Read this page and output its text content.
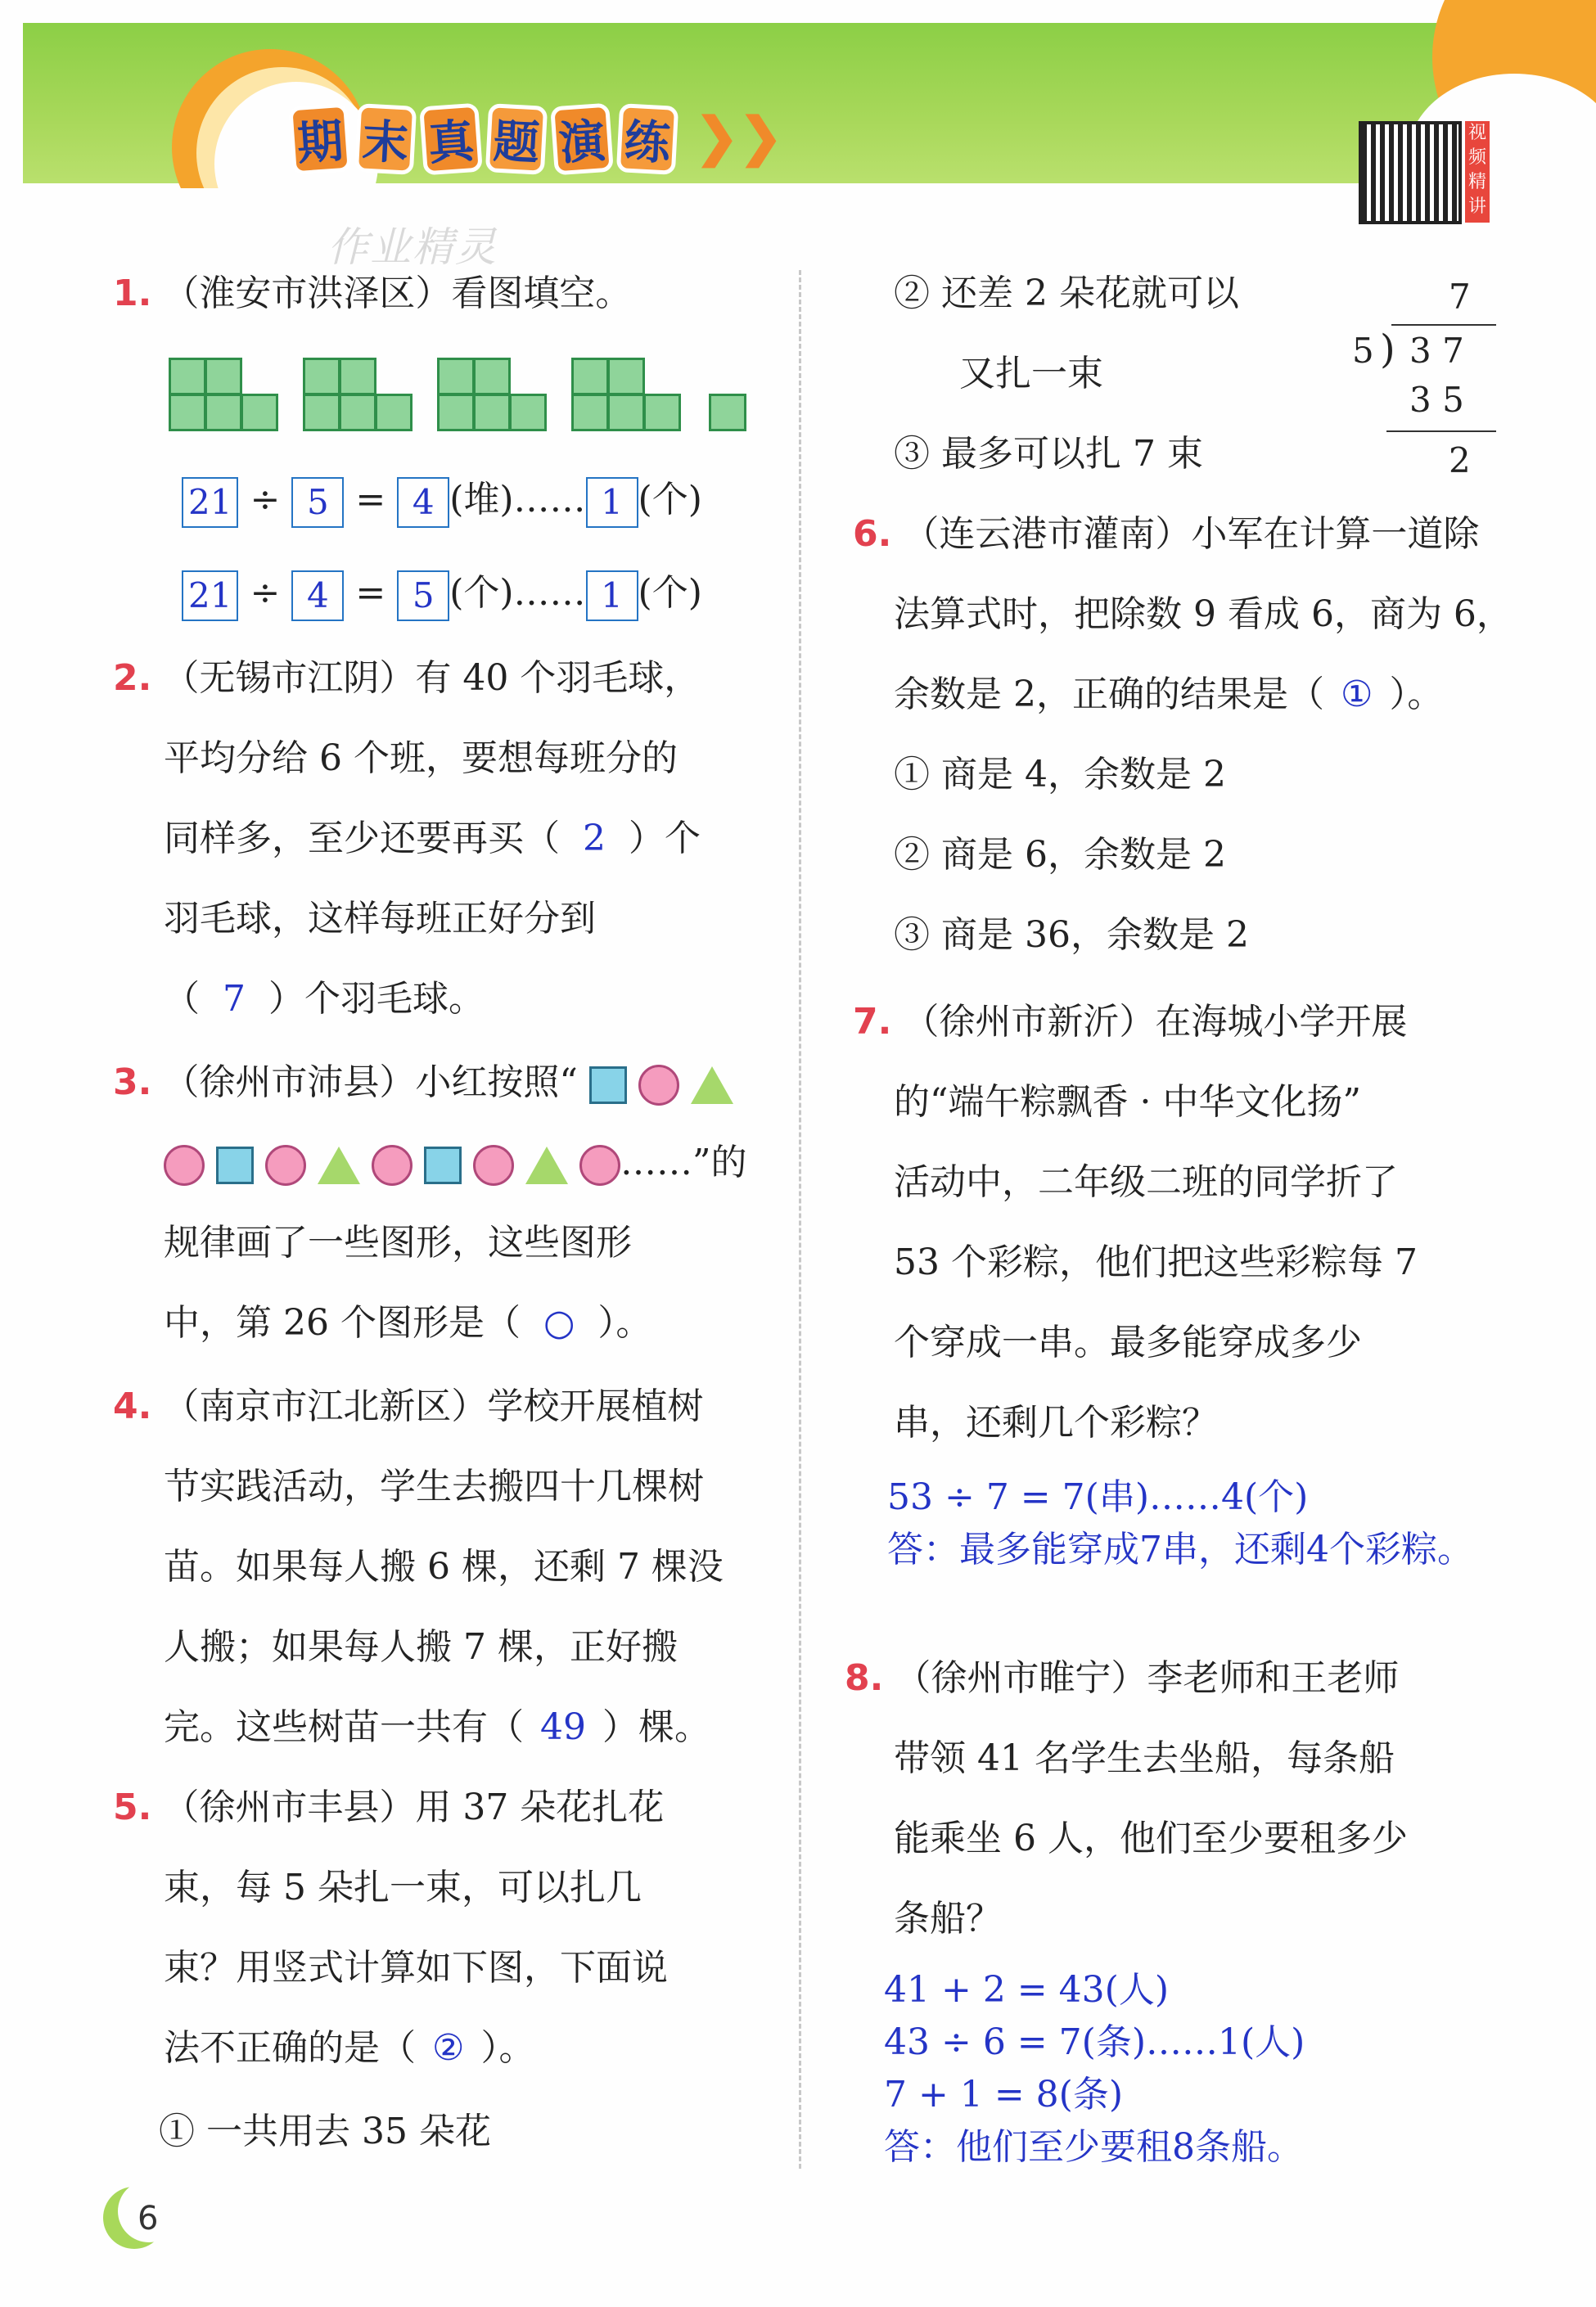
期 末 真 题 演 练 ❯❯	视频精讲
作业精灵
1. （淮安市洪泽区）看图填空。
21 ÷ 5 = 4 (堆)…… 1 (个)
21 ÷ 4 = 5 (个)…… 1 (个)
2. （无锡市江阴）有 40 个羽毛球，
平均分给 6 个班，要想每班分的
同样多，至少还要再买（ 2 ）个
羽毛球，这样每班正好分到
（ 7 ）个羽毛球。
3. （徐州市沛县）小红按照“
……”的
规律画了一些图形，这些图形
中，第 26 个图形是（ ○ ）。
4. （南京市江北新区）学校开展植树
节实践活动，学生去搬四十几棵树
苗。如果每人搬 6 棵，还剩 7 棵没
人搬；如果每人搬 7 棵，正好搬
完。这些树苗一共有（ 49 ）棵。
5. （徐州市丰县）用 37 朵花扎花
束，每 5 朵扎一束，可以扎几
束？用竖式计算如下图，下面说
法不正确的是（ ② ）。
① 一共用去 35 朵花
② 还差 2 朵花就可以
又扎一束
③ 最多可以扎 7 束
7
5 ) 3 7
3 5
2
6. （连云港市灌南）小军在计算一道除
法算式时，把除数 9 看成 6，商为 6，
余数是 2，正确的结果是（ ① ）。
① 商是 4，余数是 2
② 商是 6，余数是 2
③ 商是 36，余数是 2
7. （徐州市新沂）在海城小学开展
的“端午粽飘香 · 中华文化扬”
活动中，二年级二班的同学折了
53 个彩粽，他们把这些彩粽每 7
个穿成一串。最多能穿成多少
串，还剩几个彩粽？
53 ÷ 7 = 7(串)……4(个)
答：最多能穿成7串，还剩4个彩粽。
8. （徐州市睢宁）李老师和王老师
带领 41 名学生去坐船，每条船
能乘坐 6 人，他们至少要租多少
条船？
41 + 2 = 43(人)
43 ÷ 6 = 7(条)……1(人)
7 + 1 = 8(条)
答：他们至少要租8条船。
6
